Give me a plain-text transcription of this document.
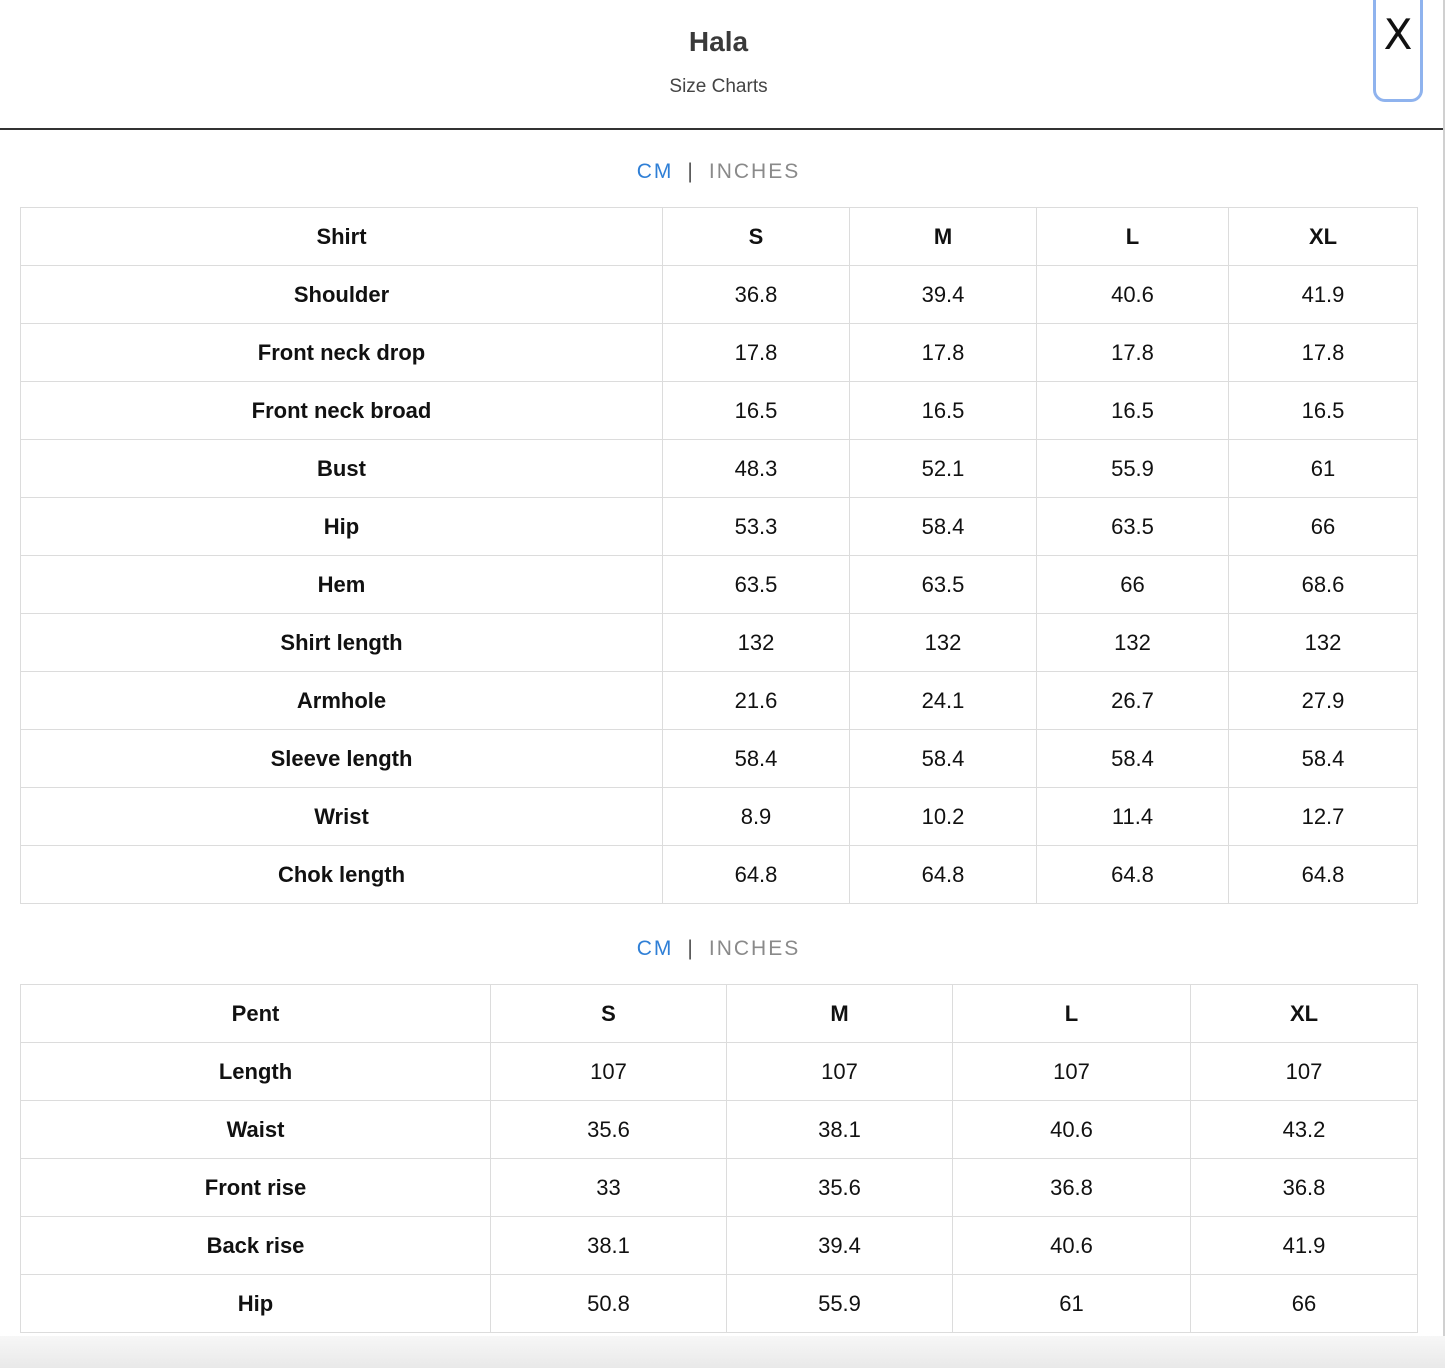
Hala
Size Charts
X
CM | INCHES
Shirt	S	M	L	XL
Shoulder	36.8	39.4	40.6	41.9
Front neck drop	17.8	17.8	17.8	17.8
Front neck broad	16.5	16.5	16.5	16.5
Bust	48.3	52.1	55.9	61
Hip	53.3	58.4	63.5	66
Hem	63.5	63.5	66	68.6
Shirt length	132	132	132	132
Armhole	21.6	24.1	26.7	27.9
Sleeve length	58.4	58.4	58.4	58.4
Wrist	8.9	10.2	11.4	12.7
Chok length	64.8	64.8	64.8	64.8
CM | INCHES
Pent	S	M	L	XL
Length	107	107	107	107
Waist	35.6	38.1	40.6	43.2
Front rise	33	35.6	36.8	36.8
Back rise	38.1	39.4	40.6	41.9
Hip	50.8	55.9	61	66
